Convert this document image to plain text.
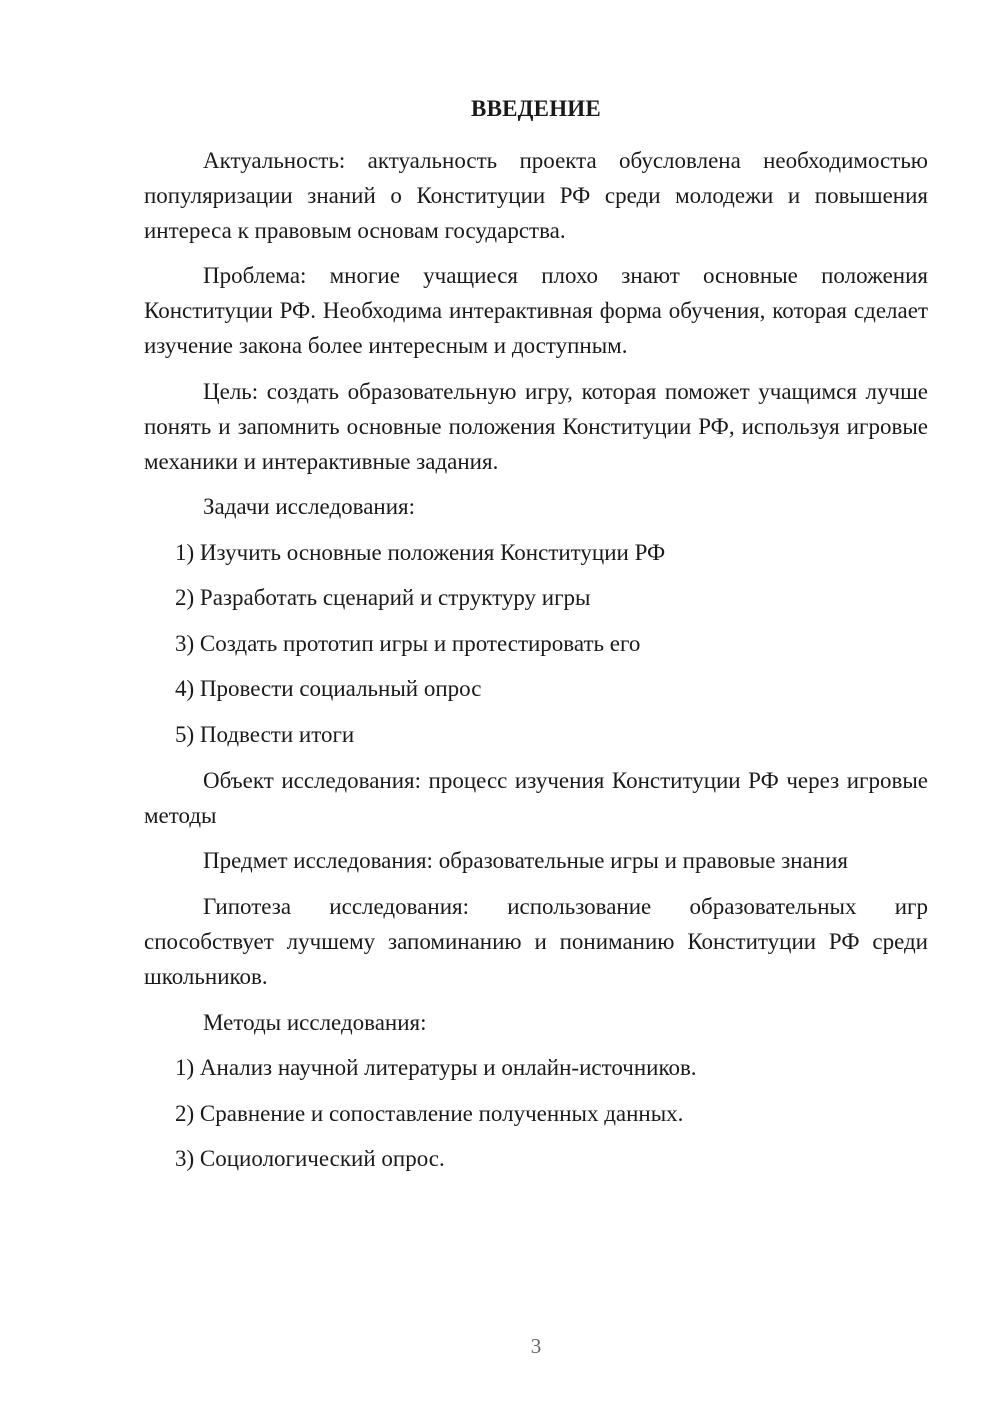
ВВЕДЕНИЕ

Актуальность: актуальность проекта обусловлена необходимостью популяризации знаний о Конституции РФ среди молодежи и повышения интереса к правовым основам государства.

Проблема: многие учащиеся плохо знают основные положения Конституции РФ. Необходима интерактивная форма обучения, которая сделает изучение закона более интересным и доступным.

Цель: создать образовательную игру, которая поможет учащимся лучше понять и запомнить основные положения Конституции РФ, используя игровые механики и интерактивные задания.

Задачи исследования:
1) Изучить основные положения Конституции РФ
2) Разработать сценарий и структуру игры
3) Создать прототип игры и протестировать его
4) Провести социальный опрос
5) Подвести итоги

Объект исследования: процесс изучения Конституции РФ через игровые методы

Предмет исследования: образовательные игры и правовые знания

Гипотеза исследования: использование образовательных игр способствует лучшему запоминанию и пониманию Конституции РФ среди школьников.

Методы исследования:
1) Анализ научной литературы и онлайн-источников.
2) Сравнение и сопоставление полученных данных.
3) Социологический опрос.
3
